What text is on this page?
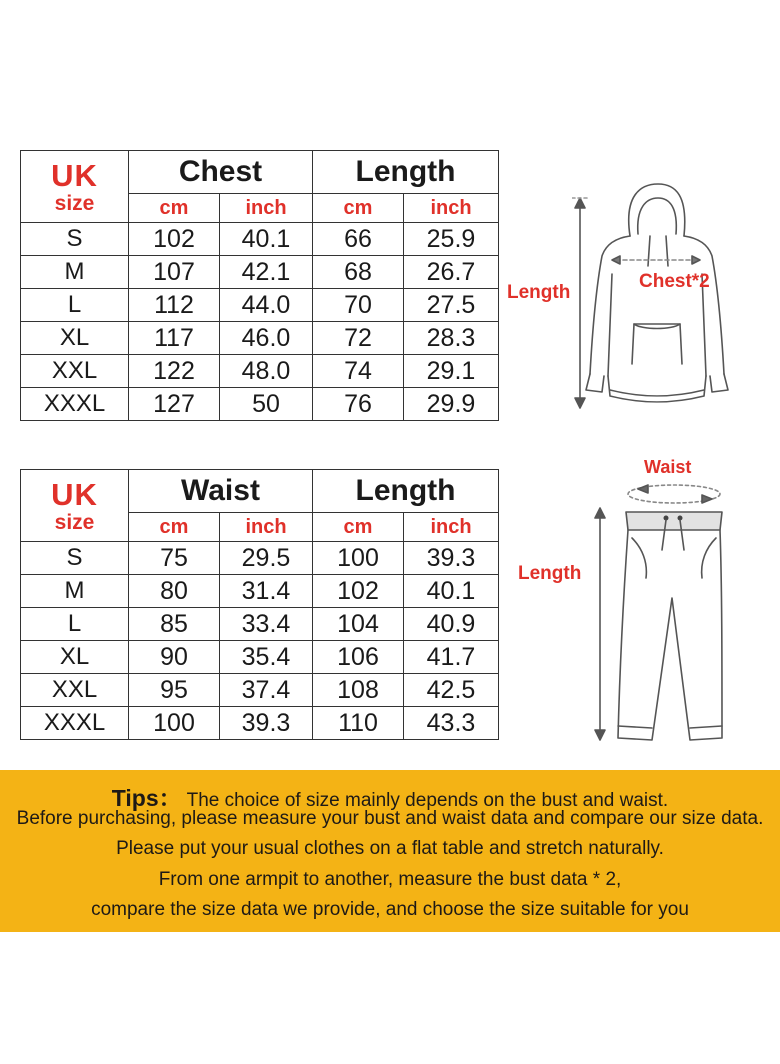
UK
size	Chest		Length	
	cm	inch	cm	inch
S	102	40.1	66	25.9
M	107	42.1	68	26.7
L	112	44.0	70	27.5
XL	117	46.0	72	28.3
XXL	122	48.0	74	29.1
XXXL	127	50	76	29.9
Length
Chest*2
UK
size	Waist		Length	
	cm	inch	cm	inch
S	75	29.5	100	39.3
M	80	31.4	102	40.1
L	85	33.4	104	40.9
XL	90	35.4	106	41.7
XXL	95	37.4	108	42.5
XXXL	100	39.3	110	43.3
Waist
Length
Tips： The choice of size mainly depends on the bust and waist.
Before purchasing, please measure your bust and waist data and compare our size data.
Please put your usual clothes on a flat table and stretch naturally.
From one armpit to another, measure the bust data * 2,
compare the size data we provide, and choose the size suitable for you
